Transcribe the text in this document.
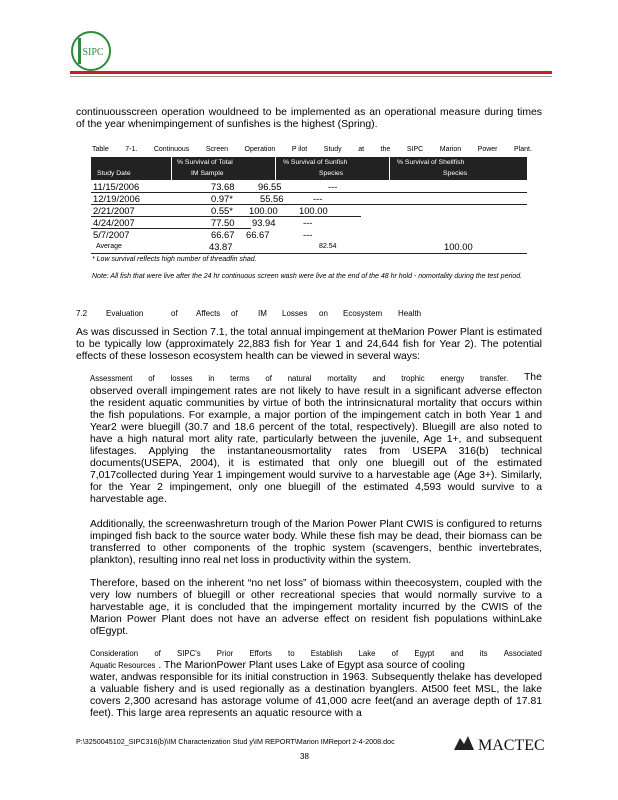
SIPC
continuousscreen operation wouldneed to be implemented as an operational measure during times of the year whenimpingement of sunfishes is the highest (Spring).
Table 7-1. Continuous Screen Operation P ilot Study at the SIPC Marion Power Plant.
Study Date
% Survival of Total
IM Sample
% Survival of Sunfish
Species
% Survival of Shellfish
Species
11/15/2006	73.68	96.55	---
12/19/2006	0.97*	55.56	---
2/21/2007	0.55* 100.00 100.00
4/24/2007	77.50 93.94	---
5/7/2007	66.67 66.67	---
Average	43.87	82.54	100.00
* Low survival reflects high number of threadfin shad.
Note: All fish that were live after the 24 hr continuous screen wash were live at the end of the 48 hr hold - nomortality during the test period.
7.2 Evaluation	of Affects of	IM Losses on Ecosystem Health
As was discussed in Section 7.1, the total annual impingement at theMarion Power Plant is estimated to be typically low (approximately 22,883 fish for Year 1 and 24,644 fish for Year 2). The potential effects of these losseson ecosystem health can be viewed in several ways:
Assessment of losses in terms of natural mortality and trophic energy transfer. The
observed overall impingement rates are not likely to have result in a significant adverse effecton the resident aquatic communities by virtue of both the intrinsicnatural mortality that occurs within the fish populations. For example, a major portion of the impingement catch in both Year 1 and Year2 were bluegill (30.7 and 18.6 percent of the total, respectively). Bluegill are also noted to have a high natural mort ality rate, particularly between the juvenile, Age 1+, and subsequent lifestages. Applying the instantaneousmortality rates from USEPA 316(b) technical documents(USEPA, 2004), it is estimated that only one bluegill out of the estimated 7,017collected during Year 1 impingement would survive to a harvestable age (Age 3+). Similarly, for the Year 2 impingement, only one bluegill of the estimated 4,593 would survive to a harvestable age.
Additionally, the screenwashreturn trough of the Marion Power Plant CWIS is configured to returns impinged fish back to the source water body. While these fish may be dead, their biomass can be transferred to other components of the trophic system (scavengers, benthic invertebrates, plankton), resulting inno real net loss in productivity within the system.
Therefore, based on the inherent “no net loss” of biomass within theecosystem, coupled with the very low numbers of bluegill or other recreational species that would normally survive to a harvestable age, it is concluded that the impingement mortality incurred by the CWIS of the Marion Power Plant does not have an adverse effect on resident fish populations withinLake ofEgypt.
Consideration of SIPC's Prior Efforts to Establish Lake of Egypt and its Associated
Aquatic Resources . The MarionPower Plant uses Lake of Egypt asa source of cooling
water, andwas responsible for its initial construction in 1963. Subsequently thelake has developed a valuable fishery and is used regionally as a destination byanglers. At500 feet MSL, the lake covers 2,300 acresand has astorage volume of 41,000 acre feet(and an average depth of 17.81 feet). This large area represents an aquatic resource with a
P:\3250045102_SIPC316(b)\IM Characterization Stud y\IM REPORT\Marion IMReport 2-4-2008.doc
38
MACTEC
